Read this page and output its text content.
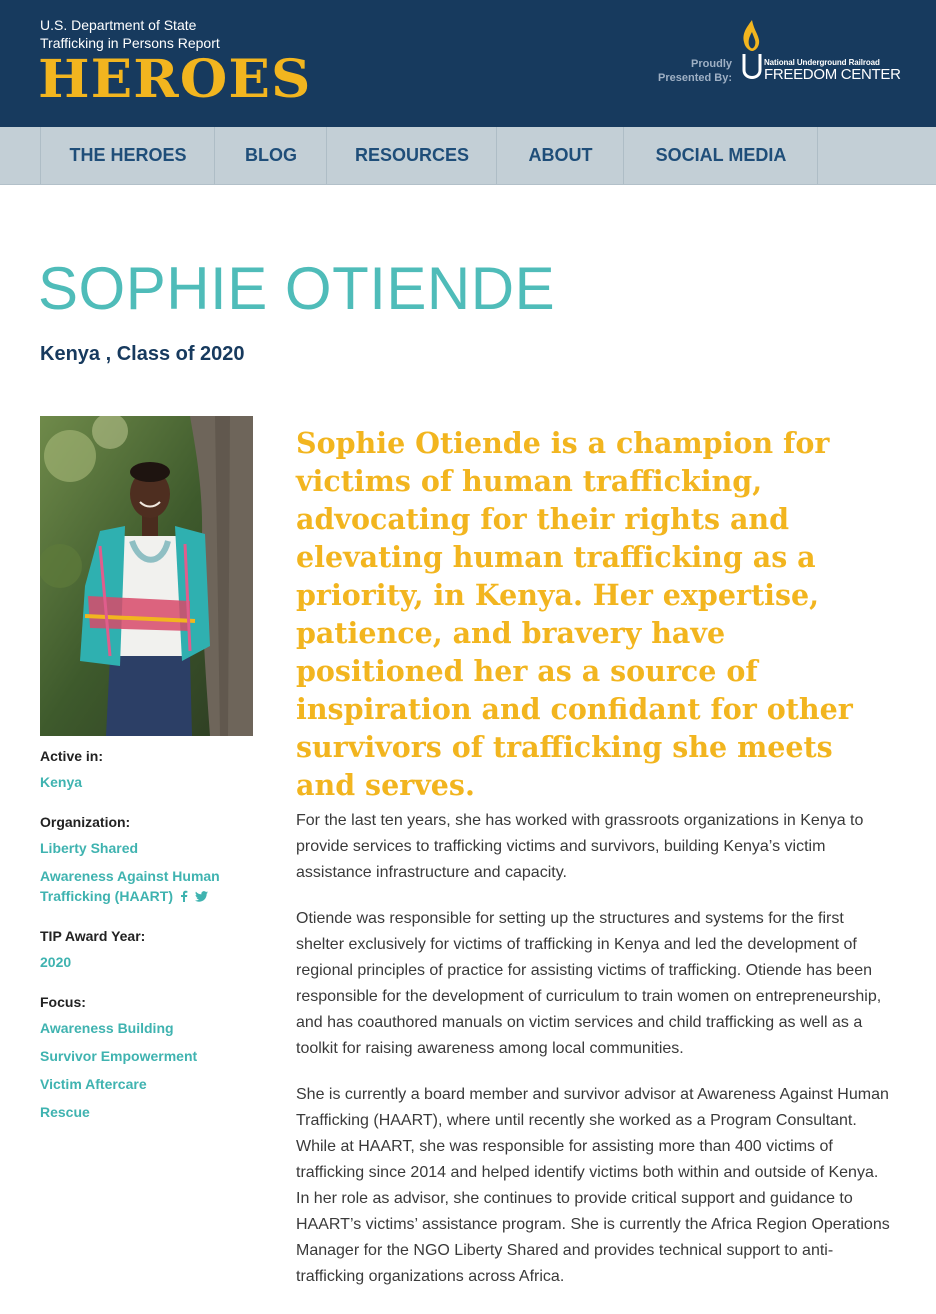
U.S. Department of State
Trafficking in Persons Report
HEROES	Proudly
Presented By:
National Underground Railroad
FREEDOM CENTER
THE HEROES	BLOG	RESOURCES	ABOUT	SOCIAL MEDIA
SOPHIE OTIENDE
Kenya , Class of 2020
Active in:
Kenya
Organization:
Liberty Shared
Awareness Against Human
Trafficking (HAART)
TIP Award Year:
2020
Focus:
Awareness Building
Survivor Empowerment
Victim Aftercare
Rescue
Sophie Otiende is a champion for victims of human trafficking, advocating for their rights and elevating human trafficking as a priority, in Kenya. Her expertise, patience, and bravery have positioned her as a source of inspiration and confidant for other survivors of trafficking she meets and serves.

For the last ten years, she has worked with grassroots organizations in Kenya to provide services to trafficking victims and survivors, building Kenya’s victim assistance infrastructure and capacity.

Otiende was responsible for setting up the structures and systems for the first shelter exclusively for victims of trafficking in Kenya and led the development of regional principles of practice for assisting victims of trafficking. Otiende has been responsible for the development of curriculum to train women on entrepreneurship, and has coauthored manuals on victim services and child trafficking as well as a toolkit for raising awareness among local communities.

She is currently a board member and survivor advisor at Awareness Against Human Trafficking (HAART), where until recently she worked as a Program Consultant. While at HAART, she was responsible for assisting more than 400 victims of trafficking since 2014 and helped identify victims both within and outside of Kenya. In her role as advisor, she continues to provide critical support and guidance to HAART’s victims’ assistance program. She is currently the Africa Region Operations Manager for the NGO Liberty Shared and provides technical support to anti-trafficking organizations across Africa.
